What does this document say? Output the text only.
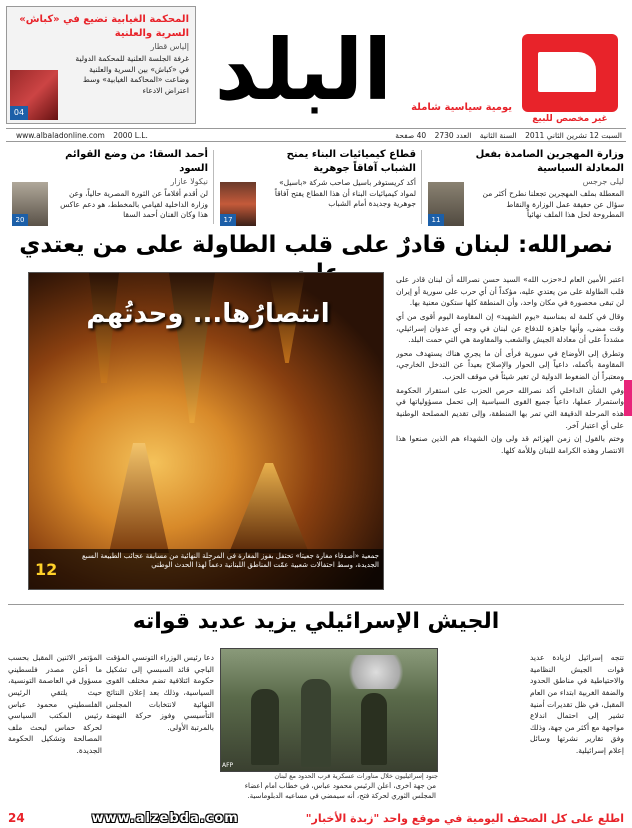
غير مخصص للبيع
البلد يومية سياسية شاملة
المحكمة الغيابية تضيع في «كباش» السرية والعلنية
إلياس قطار
غرفة الجلسة العلنية للمحكمة الدولية في «كباش» بين السرية والعلنية وضاعت «المحاكمة الغيابية» وسط اعتراض الادعاء
04
السبت 12 تشرين الثاني 2011 السنة الثانية العدد 2730 40 صفحة
www.albaladonline.com 2000 L.L.
وزارة المهجرين الصامدة بفعل المعادلة السياسية
ليلى جرجس
المعطلة بملف المهجرين تجعلنا نطرح أكثر من سؤال عن حقيقة عمل الوزارة والنقاط المطروحة لحل هذا الملف نهائياً
11
قطاع كيميائيات البناء يمنح الشباب آفاقاً جوهرية
أكد كريستوفر باسيل صاحب شركة «باسيل» لمواد كيميائيات البناء أن هذا القطاع يفتح آفاقاً جوهرية وجديدة أمام الشباب
17
أحمد السقا: من وضع القوائم السود
نيكولا عازار
لن أقدم أفلاماً عن الثورة المصرية حالياً، وعن وزارة الداخلية لقيامي بالمخطط، هو دعم عاكس هذا وكان الفنان أحمد السقا
20
نصرالله: لبنان قادرٌ على قلب الطاولة على من يعتدي
انتصارُها... وحدتُهم
جمعية «أصدقاء مغارة جعيتا» تحتفل بفوز المغارة في المرحلة النهائية من مسابقة عجائب الطبيعة السبع الجديدة، وسط احتفالات شعبية عمّت المناطق اللبنانية دعماً لهذا الحدث الوطني
12

اعتبر الأمين العام لـ«حزب الله» السيد حسن نصرالله أن لبنان قادر على قلب الطاولة على من يعتدي عليه، مؤكداً أن أي حرب على سورية أو إيران لن تبقى محصورة في مكان واحد، وأن المنطقة كلها ستكون معنية بها.

وقال في كلمة له بمناسبة «يوم الشهيد» إن المقاومة اليوم أقوى من أي وقت مضى، وأنها جاهزة للدفاع عن لبنان في وجه أي عدوان إسرائيلي، مشدداً على أن معادلة الجيش والشعب والمقاومة هي التي حمت البلد.

وتطرق إلى الأوضاع في سورية فرأى أن ما يجري هناك يستهدف محور المقاومة بأكمله، داعياً إلى الحوار والإصلاح بعيداً عن التدخل الخارجي، ومعتبراً أن الضغوط الدولية لن تغير شيئاً في موقف الحزب.

وفي الشأن الداخلي أكد نصرالله حرص الحزب على استقرار الحكومة واستمرار عملها، داعياً جميع القوى السياسية إلى تحمل مسؤولياتها في هذه المرحلة الدقيقة التي تمر بها المنطقة، وإلى تقديم المصلحة الوطنية على أي اعتبار آخر.

وختم بالقول إن زمن الهزائم قد ولى وإن الشهداء هم الذين صنعوا هذا الانتصار وهذه الكرامة للبنان وللأمة كلها.

الجيش الإسرائيلي يزيد عديد قواته
AFP
جنود إسرائيليون خلال مناورات عسكرية قرب الحدود مع لبنان
تتجه إسرائيل لزيادة عديد قوات الجيش النظامية والاحتياطية في مناطق الحدود والضفة الغربية ابتداء من العام المقبل، في ظل تقديرات أمنية تشير إلى احتمال اندلاع مواجهة مع أكثر من جهة، وذلك وفق تقارير نشرتها وسائل إعلام إسرائيلية.
دعا رئيس الوزراء التونسي المؤقت الباجي قائد السبسي إلى تشكيل حكومة ائتلافية تضم مختلف القوى السياسية، وذلك بعد إعلان النتائج النهائية لانتخابات المجلس التأسيسي وفوز حركة النهضة بالمرتبة الأولى.
المؤتمر الاثنين المقبل بحسب ما أعلن مصدر فلسطيني مسؤول في العاصمة التونسية، حيث يلتقي الرئيس الفلسطيني محمود عباس رئيس المكتب السياسي لحركة حماس لبحث ملف المصالحة وتشكيل الحكومة الجديدة.
من جهة أخرى، أعلن الرئيس محمود عباس، في خطاب أمام أعضاء المجلس الثوري لحركة فتح، أنه سيمضي في مساعيه الدبلوماسية.
اطلع على كل الصحف اليومية في موقع واحد "زبدة الأخبار"
www.alzebda.com
24
